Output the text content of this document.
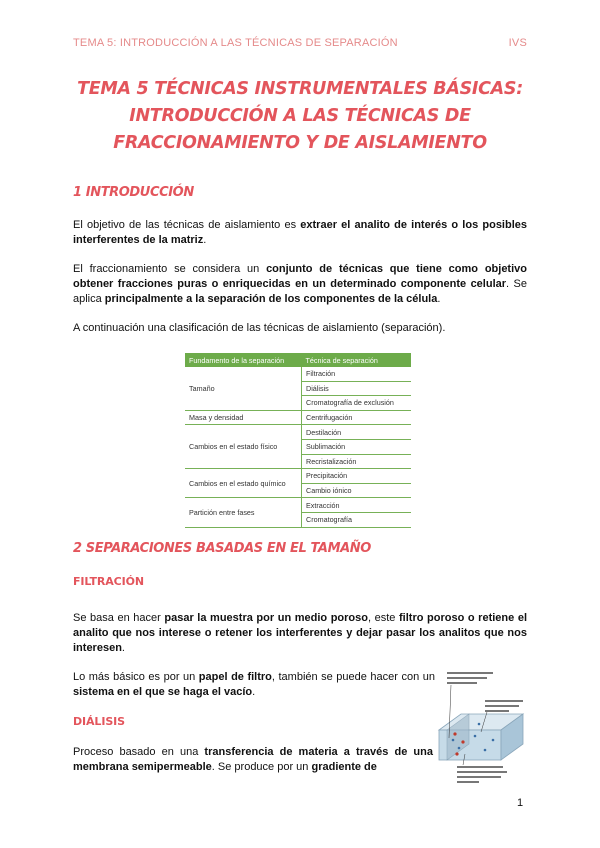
TEMA 5: INTRODUCCIÓN A LAS TÉCNICAS DE SEPARACIÓN	IVS
TEMA 5 TÉCNICAS INSTRUMENTALES BÁSICAS:
INTRODUCCIÓN A LAS TÉCNICAS DE
FRACCIONAMIENTO Y DE AISLAMIENTO
1 INTRODUCCIÓN
El objetivo de las técnicas de aislamiento es extraer el analito de interés o los posibles interferentes de la matriz.
El fraccionamiento se considera un conjunto de técnicas que tiene como objetivo obtener fracciones puras o enriquecidas en un determinado componente celular. Se aplica principalmente a la separación de los componentes de la célula.
A continuación una clasificación de las técnicas de aislamiento (separación).
Fundamento de la separación	Técnica de separación
Tamaño	Filtración
	Diálisis
	Cromatografía de exclusión
Masa y densidad	Centrifugación
Cambios en el estado físico	Destilación
	Sublimación
	Recristalización
Cambios en el estado químico	Precipitación
	Cambio iónico
Partición entre fases	Extracción
	Cromatografía
2 SEPARACIONES BASADAS EN EL TAMAÑO
FILTRACIÓN
Se basa en hacer pasar la muestra por un medio poroso, este filtro poroso o retiene el analito que nos interese o retener los interferentes y dejar pasar los analitos que nos interesen.
Lo más básico es por un papel de filtro, también se puede hacer con un sistema en el que se haga el vacío.
DIÁLISIS
Proceso basado en una transferencia de materia a través de una membrana semipermeable. Se produce por un gradiente de
1
